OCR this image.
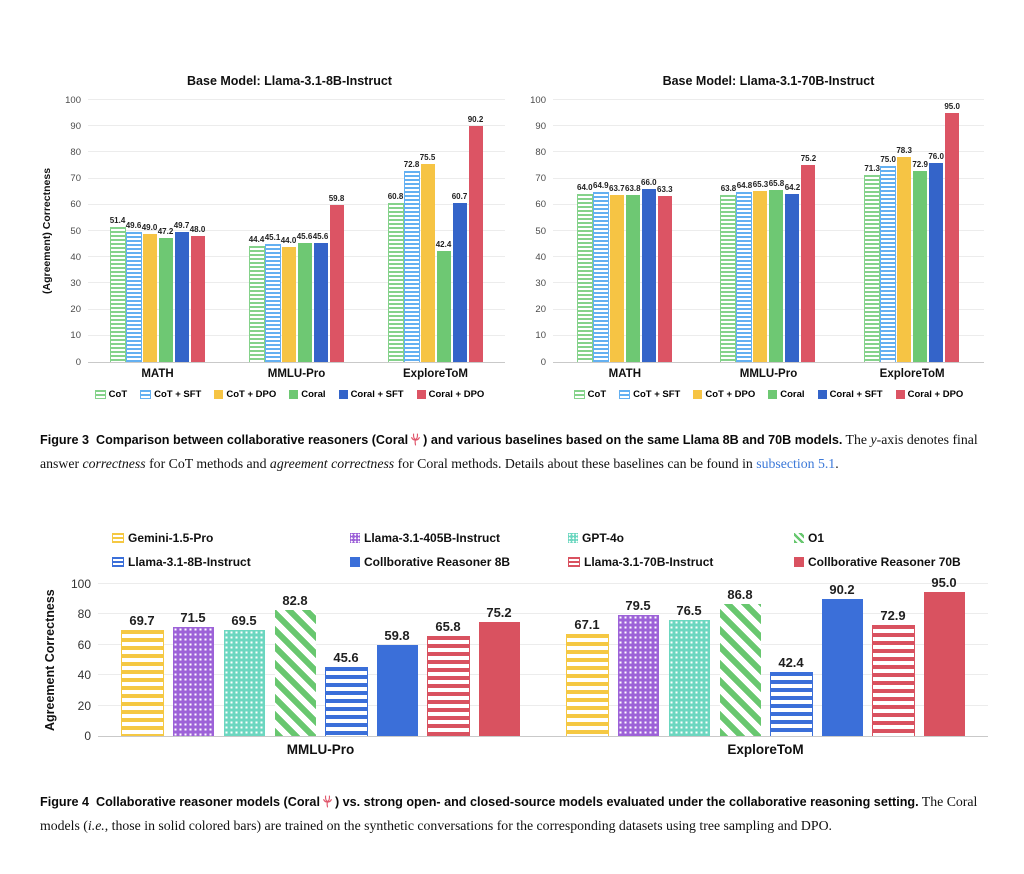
Base Model: Llama-3.1-8B-Instruct
(Agreement) Correctness
0
10
20
30
40
50
60
70
80
90
100
51.4
49.6 49.0
47.2
49.7 48.0
MATH
44.4 45.1 44.0 45.6 45.6
59.8
MMLU-Pro
60.8
72.8
75.5
42.4
60.7
90.2
ExploreToM
CoT	CoT + SFT	CoT + DPO	Coral	Coral + SFT	Coral + DPO
Base Model: Llama-3.1-70B-Instruct
0
10
20
30
40
50
60
70
80
90
100
64.0 64.9 63.7 63.8
66.0
63.3
MATH
63.8 64.8 65.3 65.8 64.2
75.2
MMLU-Pro
71.3
75.0
78.3
72.9
76.0
95.0
ExploreToM
CoT	CoT + SFT	CoT + DPO	Coral	Coral + SFT	Coral + DPO
Figure 3  Comparison between collaborative reasoners (Coral ) and various baselines based on the same Llama 8B and 70B models. The y-axis denotes final answer correctness for CoT methods and agreement correctness for Coral methods. Details about these baselines can be found in subsection 5.1.
Gemini-1.5-Pro	Llama-3.1-405B-Instruct	GPT-4o	O1
Llama-3.1-8B-Instruct	Collborative Reasoner 8B	Llama-3.1-70B-Instruct	Collborative Reasoner 70B
Agreement Correctness
0
20
40
60
80
100
69.7	71.5	69.5
82.8
45.6
59.8
65.8
75.2
MMLU-Pro
67.1
79.5	76.5
86.8
42.4
90.2
72.9
95.0
ExploreToM
Figure 4  Collaborative reasoner models (Coral ) vs. strong open- and closed-source models evaluated under the collaborative reasoning setting. The Coral models (i.e., those in solid colored bars) are trained on the synthetic conversations for the corresponding datasets using tree sampling and DPO.
